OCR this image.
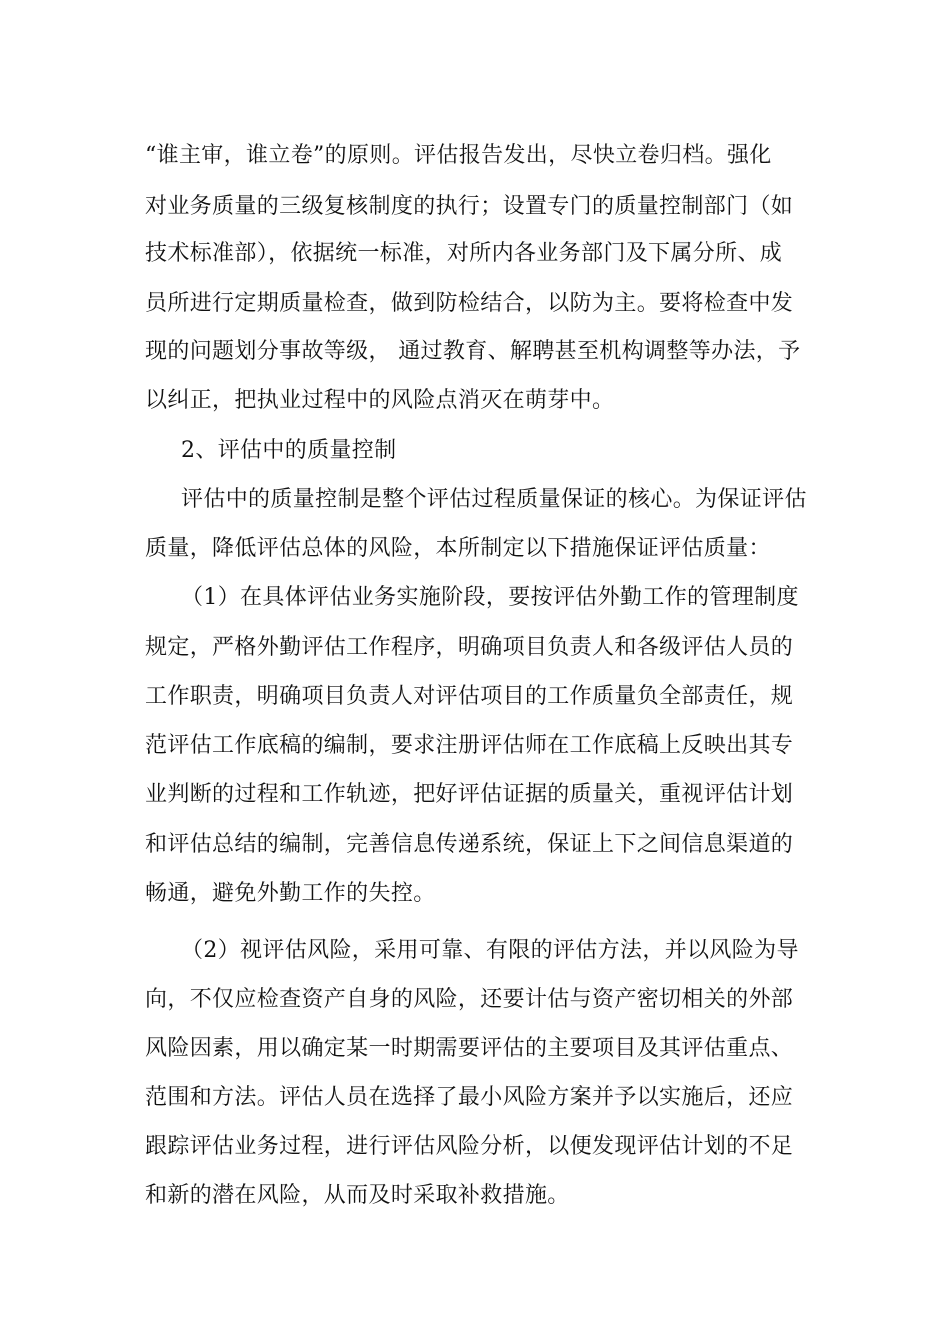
“谁主审，谁立卷”的原则。评估报告发出，尽快立卷归档。强化
对业务质量的三级复核制度的执行；设置专门的质量控制部门（如
技术标准部），依据统一标准，对所内各业务部门及下属分所、成
员所进行定期质量检查，做到防检结合，以防为主。要将检查中发
现的问题划分事故等级， 通过教育、解聘甚至机构调整等办法，予
以纠正，把执业过程中的风险点消灭在萌芽中。
2、评估中的质量控制
评估中的质量控制是整个评估过程质量保证的核心。为保证评估
质量，降低评估总体的风险，本所制定以下措施保证评估质量：
（1）在具体评估业务实施阶段，要按评估外勤工作的管理制度
规定，严格外勤评估工作程序，明确项目负责人和各级评估人员的
工作职责，明确项目负责人对评估项目的工作质量负全部责任，规
范评估工作底稿的编制，要求注册评估师在工作底稿上反映出其专
业判断的过程和工作轨迹，把好评估证据的质量关，重视评估计划
和评估总结的编制，完善信息传递系统，保证上下之间信息渠道的
畅通，避免外勤工作的失控。
（2）视评估风险，采用可靠、有限的评估方法，并以风险为导
向，不仅应检查资产自身的风险，还要计估与资产密切相关的外部
风险因素，用以确定某一时期需要评估的主要项目及其评估重点、
范围和方法。评估人员在选择了最小风险方案并予以实施后，还应
跟踪评估业务过程，进行评估风险分析，以便发现评估计划的不足
和新的潜在风险，从而及时采取补救措施。
